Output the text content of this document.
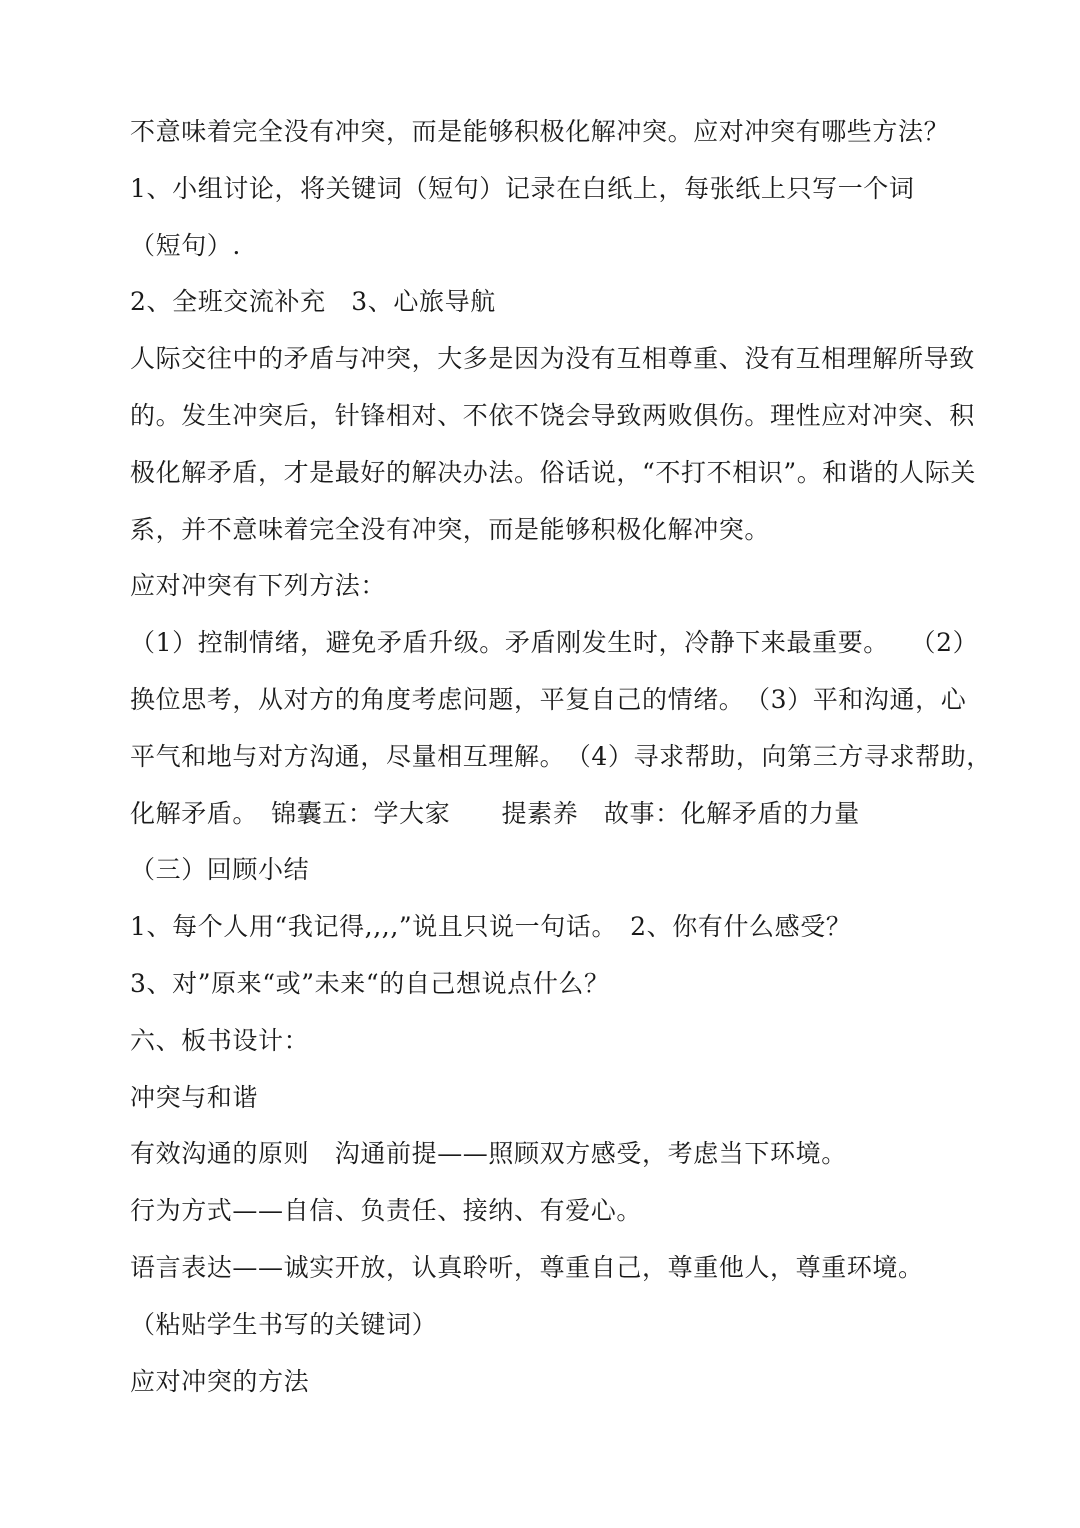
不意味着完全没有冲突，而是能够积极化解冲突。应对冲突有哪些方法？
1、小组讨论，将关键词（短句）记录在白纸上，每张纸上只写一个词
（短句）.
2、全班交流补充　3、心旅导航
人际交往中的矛盾与冲突，大多是因为没有互相尊重、没有互相理解所导致
的。发生冲突后，针锋相对、不依不饶会导致两败俱伤。理性应对冲突、积
极化解矛盾，才是最好的解决办法。俗话说，“不打不相识”。和谐的人际关
系，并不意味着完全没有冲突，而是能够积极化解冲突。
应对冲突有下列方法：
（1）控制情绪，避免矛盾升级。矛盾刚发生时，冷静下来最重要。　 （2）
换位思考，从对方的角度考虑问题，平复自己的情绪。　（3）平和沟通，心
平气和地与对方沟通，尽量相互理解。　（4）寻求帮助，向第三方寻求帮助，
化解矛盾。　锦囊五：学大家　　提素养　故事：化解矛盾的力量
（三）回顾小结
1、每个人用“我记得,,,,”说且只说一句话。　2、你有什么感受？
3、对”原来“或”未来“的自己想说点什么？
六、板书设计：
冲突与和谐
有效沟通的原则　沟通前提——照顾双方感受，考虑当下环境。
行为方式——自信、负责任、接纳、有爱心。
语言表达——诚实开放，认真聆听，尊重自己，尊重他人，尊重环境。
（粘贴学生书写的关键词）
应对冲突的方法
